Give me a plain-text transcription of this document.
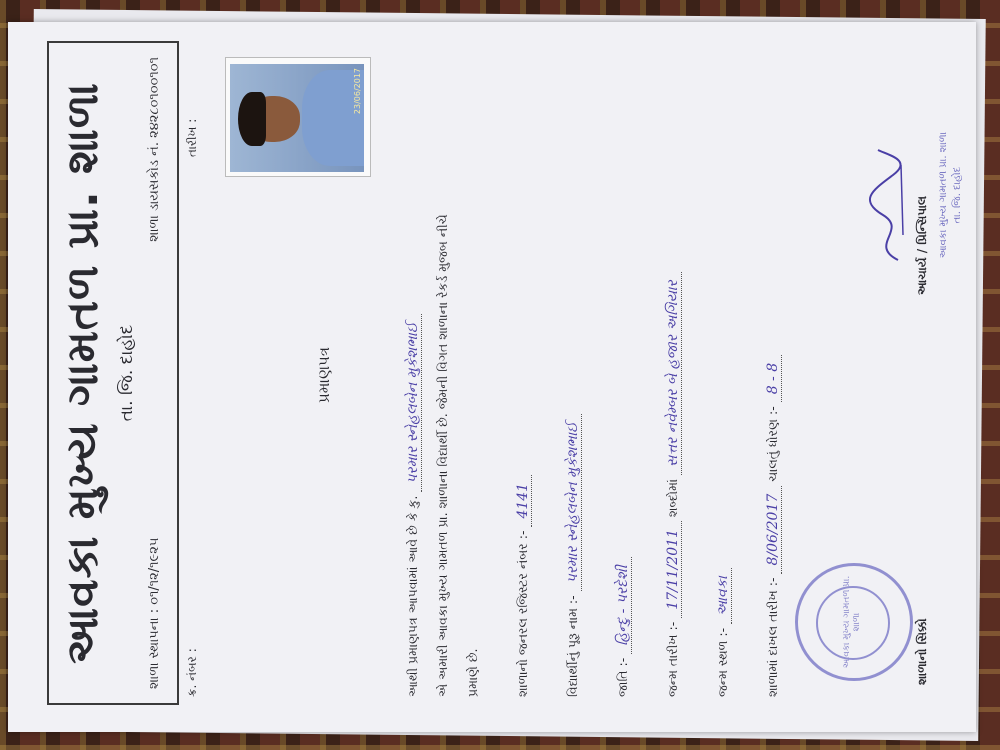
આવકા મુખ્ય ગામતળ પ્રા. શાળા તા. જિ. દાહોદ
શાળા સ્થાપના : ૦૧/૧૨/૧૯૨૫
શાળા ડાયસકોડ નં. ૨૪૨૮૦૧૦૦૧૦૧
ક્ર. નંબર :
તારીખ :
23/06/2017
પ્રમાણપત્ર
આથી પ્રમાણપત્ર આપવામાં આવે છે કે કુ. પરમાર સ્નેહલબેન મુકેશભાઈ એ અમારી આવકા મુખ્ય ગામતળ પ્રા. શાળાના વિદ્યાર્થી છે. જેમની વિગત શાળાના રેકર્ડ મુજબ નીચે પ્રમાણે છે.	શાળાનો જનરલ રજિસ્ટર નંબર :- 4141
વિદ્યાર્થીનું પૂરૂ નામ :- પરમાર સ્નેહલબેન મુકેશભાઈ
જાતિ :- હિન્દુ - પરદેશી
જન્મ તારીખ :- 17/11/2011 શબ્દોમાં સત્તર નવેમ્બર બે હજાર અગિયાર
જન્મ સ્થળ :- આવકા	શાળામાં દાખલ તારીખ :- 8/06/2017 ચાલતું ધોરણ :- 8 - 8
આવકા મુખ્ય ગામતળ પ્રા. શાળા	શાળાનો સિક્કો
આચાર્ય / પ્રિન્સિપાલ આવકા મુખ્ય ગામતળ પ્રા. શાળા તા. જિ. દાહોદ
